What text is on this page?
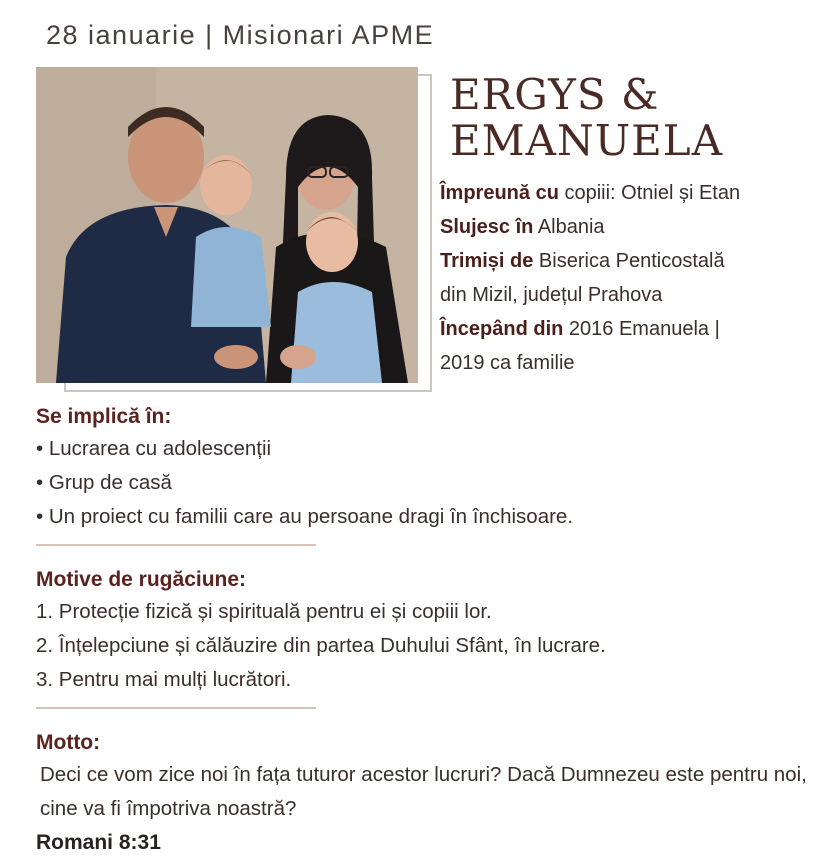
28 ianuarie | Misionari APME
ERGYS &
EMANUELA
Împreună cu copiii: Otniel și Etan
Slujesc în Albania
Trimiși de Biserica Penticostală
din Mizil, județul Prahova
Începând din 2016 Emanuela |
2019 ca familie
Se implică în:
• Lucrarea cu adolescenții
• Grup de casă
• Un proiect cu familii care au persoane dragi în închisoare.
Motive de rugăciune:
1. Protecție fizică și spirituală pentru ei și copiii lor.
2. Înțelepciune și călăuzire din partea Duhului Sfânt, în lucrare.
3. Pentru mai mulți lucrători.
Motto:
Deci ce vom zice noi în fața tuturor acestor lucruri? Dacă Dumnezeu este pentru noi, cine va fi împotriva noastră?
Romani 8:31
